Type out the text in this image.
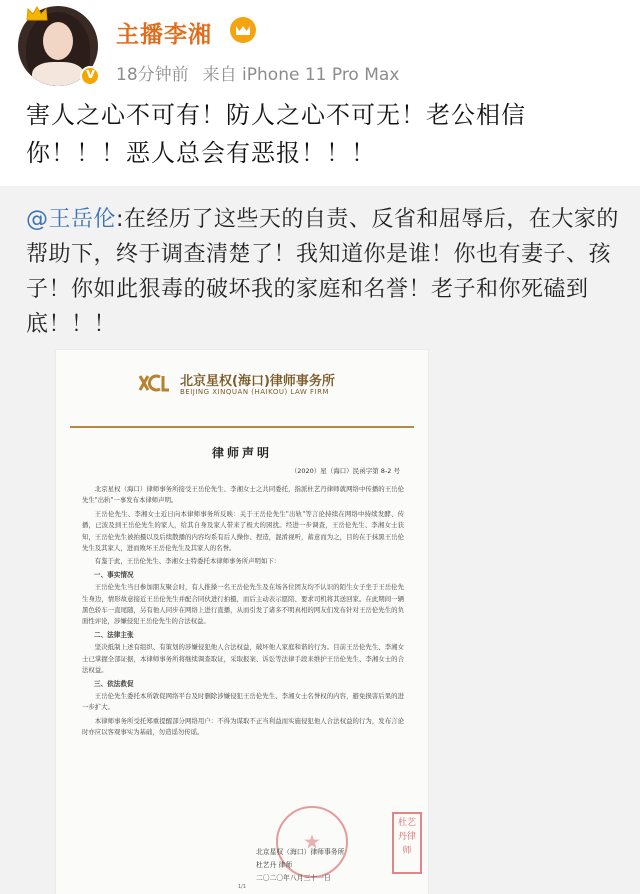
v
主播李湘
18分钟前 来自 iPhone 11 Pro Max
害人之心不可有！防人之心不可无！老公相信你！！！恶人总会有恶报！！！
@王岳伦:在经历了这些天的自责、反省和屈辱后，在大家的帮助下，终于调查清楚了！我知道你是谁！你也有妻子、孩子！你如此狠毒的破坏我的家庭和名誉！老子和你死磕到底！！！
北京星权(海口)律师事务所
BEIJING XINQUAN (HAIKOU) LAW FIRM
律师声明
（2020）星（海口）民函字第 8-2 号

北京星权（海口）律师事务所接受王岳伦先生、李湘女士之共同委托，指派杜艺丹律师就网络中传播的王岳伦先生"出轨"一事发布本律师声明。

王岳伦先生、李湘女士近日向本律师事务所反映：关于王岳伦先生"出轨"等言论持续在网络中持续发酵、传播，已波及到王岳伦先生的家人，给其自身及家人带来了极大的困扰。经进一步调查，王岳伦先生、李湘女士获知，王岳伦先生被拍摄以及后续散播的内容均系有后人操作、捏造，混淆视听，蓄意而为之，目的在于抹黑王岳伦先生及其家人，进而败坏王岳伦先生及其家人的名誉。

有鉴于此，王岳伦先生、李湘女士特委托本律师事务所声明如下：

一、事实情况

王岳伦先生当日参加朋友聚会时，有人推搡一名王岳伦先生及在场各位团友均不认识的陌生女子坐于王岳伦先生身边，情形故意接近王岳伦先生并配合同伙进行拍摄，而后主动表示愿陪、要求司机将其送回家。在此期间一辆黑色轿车一直尾随，另有他人同步在网络上进行直播，从而引发了诸多不明真相的网友们发布针对王岳伦先生的负面性评论，涉嫌侵犯王岳伦先生的合法权益。

二、法律主张

坚决抵制上述有组织、有策划的涉嫌侵犯他人合法权益，破坏他人家庭和谐的行为。目前王岳伦先生、李湘女士已掌握全部证据，本律师事务所将继续调查取证，采取报案、诉讼等法律手段来维护王岳伦先生、李湘女士的合法权益。

三、依法救促

王岳伦先生委托本所敦促网络平台及时删除涉嫌侵犯王岳伦先生、李湘女士名誉权的内容，避免损害后果的进一步扩大。

本律师事务所受托郑重提醒部分网络用户：不得为谋取不正当利益而实施侵犯他人合法权益的行为，发布言论时亦应以客观事实为基础，勿造谣勿传谣。

北京星权（海口）律师事务所
杜艺丹 律师
二〇二〇年八月三十一日
杜艺丹律师
1/1
